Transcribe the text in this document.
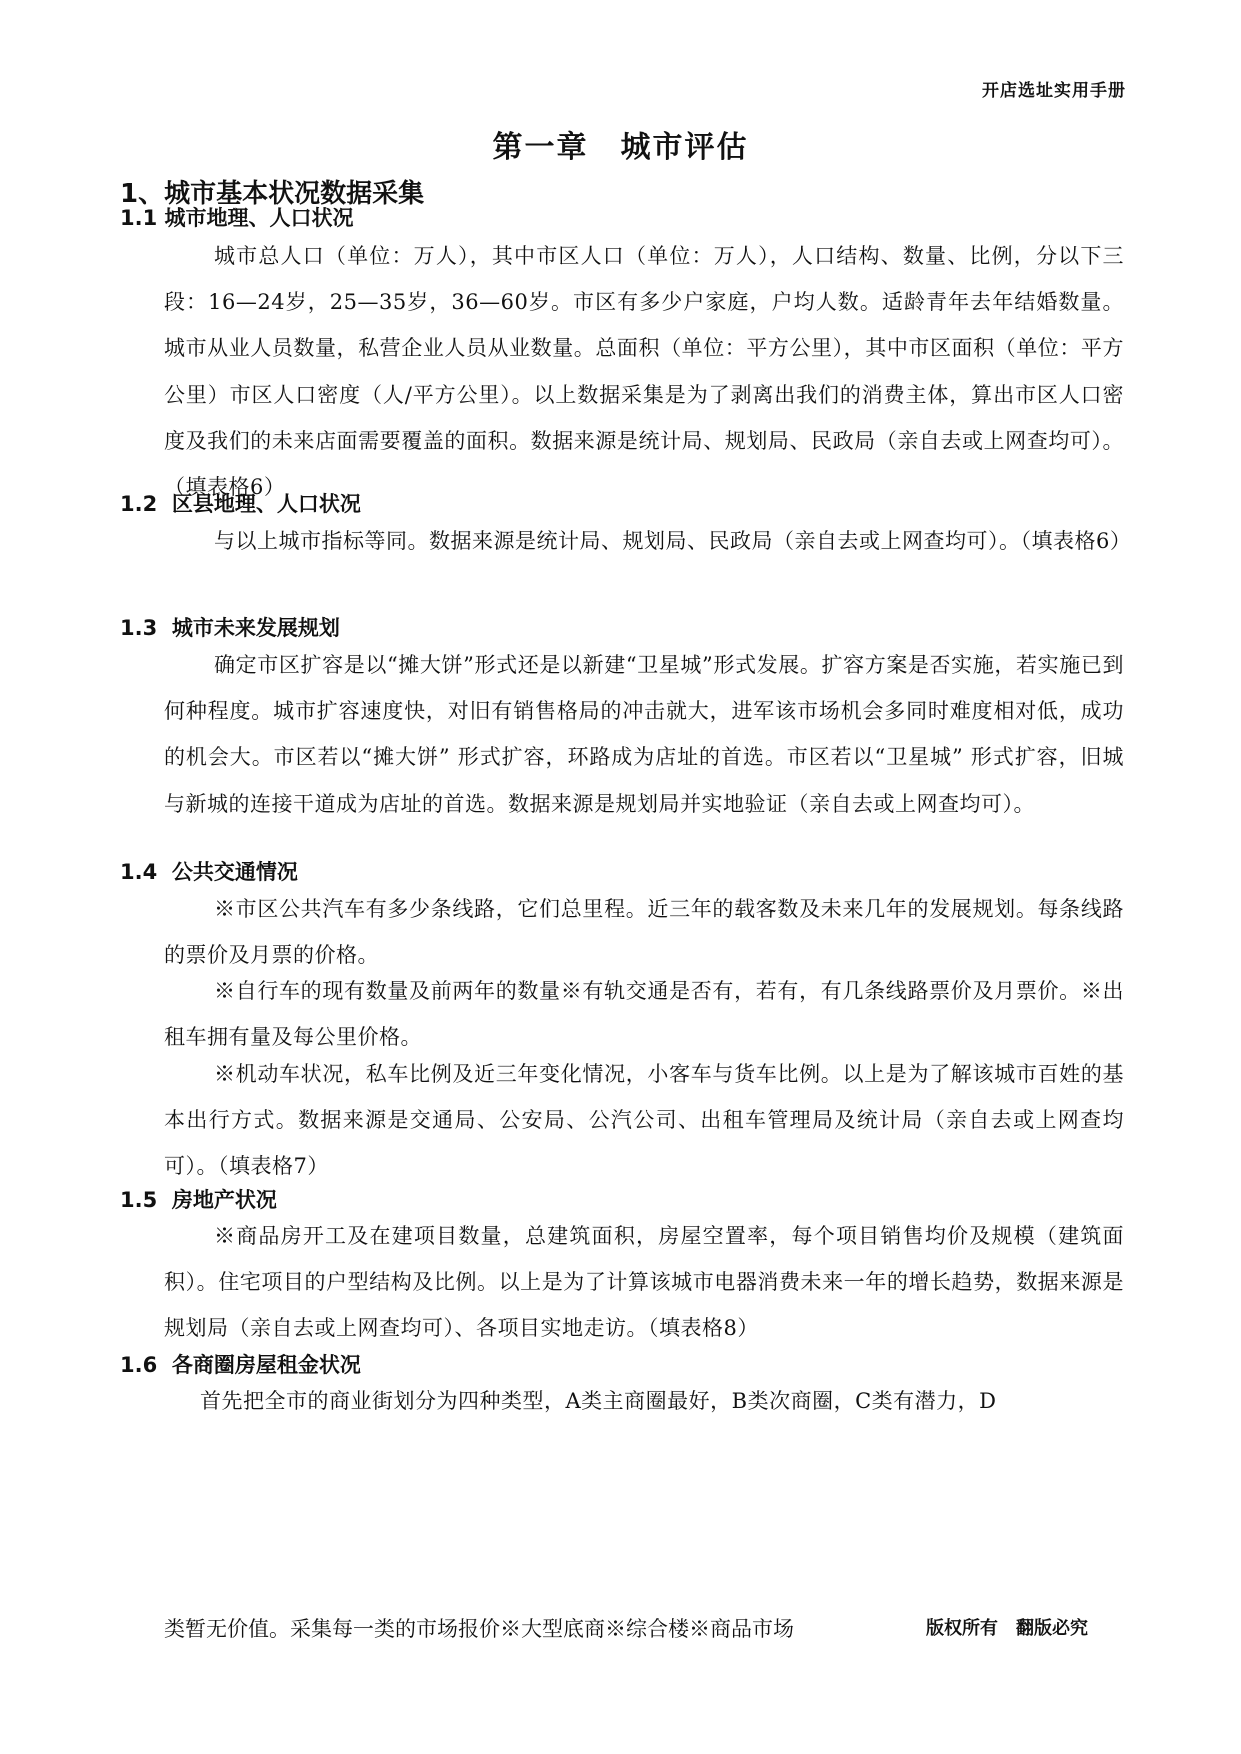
开店选址实用手册
第一章　城市评估
1、城市基本状况数据采集
1.1 城市地理、人口状况
城市总人口（单位：万人），其中市区人口（单位：万人），人口结构、数量、比例，分以下三段：16—24岁，25—35岁，36—60岁。市区有多少户家庭，户均人数。适龄青年去年结婚数量。城市从业人员数量，私营企业人员从业数量。总面积（单位：平方公里），其中市区面积（单位：平方公里）市区人口密度（人/平方公里）。以上数据采集是为了剥离出我们的消费主体，算出市区人口密度及我们的未来店面需要覆盖的面积。数据来源是统计局、规划局、民政局（亲自去或上网查均可）。（填表格6）
1.2  区县地理、人口状况
与以上城市指标等同。数据来源是统计局、规划局、民政局（亲自去或上网查均可）。（填表格6）
1.3  城市未来发展规划
确定市区扩容是以“摊大饼”形式还是以新建“卫星城”形式发展。扩容方案是否实施，若实施已到何种程度。城市扩容速度快，对旧有销售格局的冲击就大，进军该市场机会多同时难度相对低，成功的机会大。市区若以“摊大饼” 形式扩容，环路成为店址的首选。市区若以“卫星城” 形式扩容，旧城与新城的连接干道成为店址的首选。数据来源是规划局并实地验证（亲自去或上网查均可）。
1.4  公共交通情况
※市区公共汽车有多少条线路，它们总里程。近三年的载客数及未来几年的发展规划。每条线路的票价及月票的价格。
※自行车的现有数量及前两年的数量※有轨交通是否有，若有，有几条线路票价及月票价。※出租车拥有量及每公里价格。
※机动车状况，私车比例及近三年变化情况，小客车与货车比例。以上是为了解该城市百姓的基本出行方式。数据来源是交通局、公安局、公汽公司、出租车管理局及统计局（亲自去或上网查均可）。（填表格7）
1.5  房地产状况
※商品房开工及在建项目数量，总建筑面积，房屋空置率，每个项目销售均价及规模（建筑面积）。住宅项目的户型结构及比例。以上是为了计算该城市电器消费未来一年的增长趋势，数据来源是规划局（亲自去或上网查均可）、各项目实地走访。（填表格8）
1.6  各商圈房屋租金状况
首先把全市的商业街划分为四种类型，A类主商圈最好，B类次商圈，C类有潜力，D
类暂无价值。采集每一类的市场报价※大型底商※综合楼※商品市场	版权所有　翻版必究
